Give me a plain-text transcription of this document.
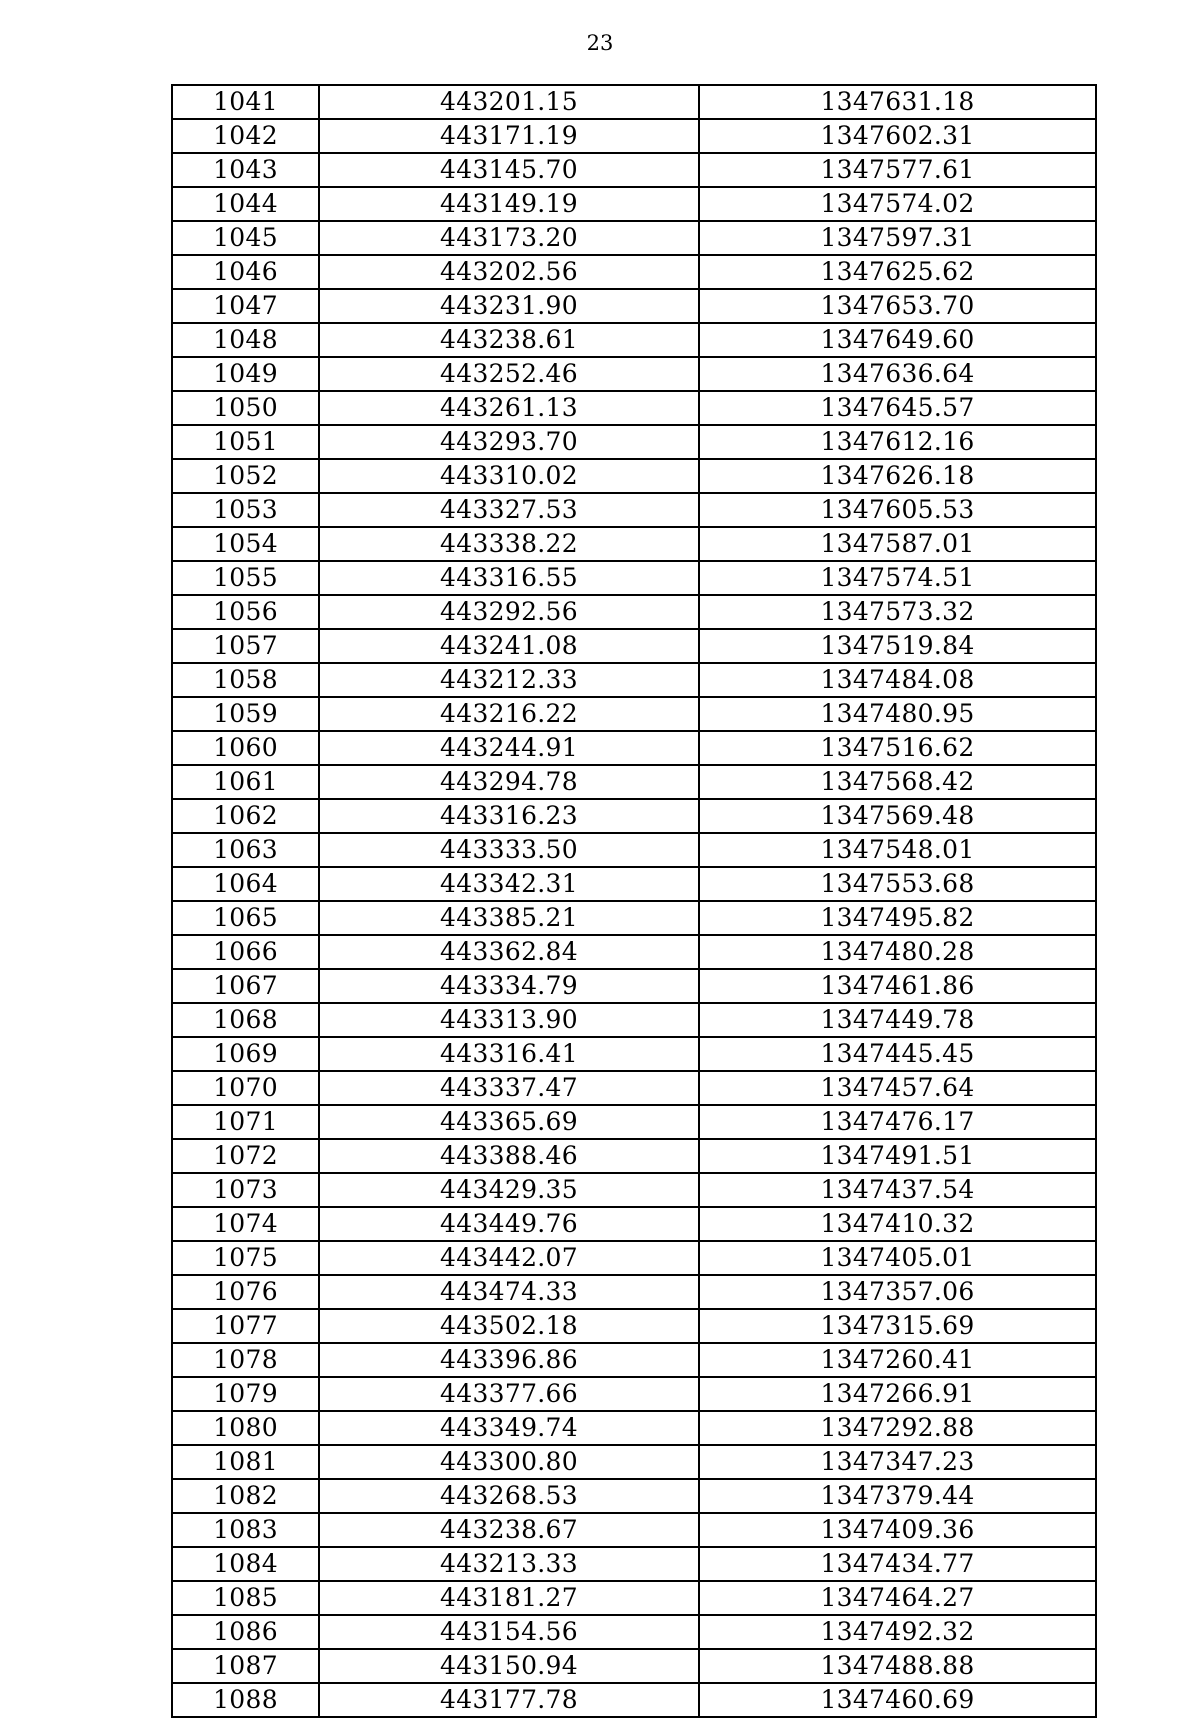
23
1041	443201.15	1347631.18
1042	443171.19	1347602.31
1043	443145.70	1347577.61
1044	443149.19	1347574.02
1045	443173.20	1347597.31
1046	443202.56	1347625.62
1047	443231.90	1347653.70
1048	443238.61	1347649.60
1049	443252.46	1347636.64
1050	443261.13	1347645.57
1051	443293.70	1347612.16
1052	443310.02	1347626.18
1053	443327.53	1347605.53
1054	443338.22	1347587.01
1055	443316.55	1347574.51
1056	443292.56	1347573.32
1057	443241.08	1347519.84
1058	443212.33	1347484.08
1059	443216.22	1347480.95
1060	443244.91	1347516.62
1061	443294.78	1347568.42
1062	443316.23	1347569.48
1063	443333.50	1347548.01
1064	443342.31	1347553.68
1065	443385.21	1347495.82
1066	443362.84	1347480.28
1067	443334.79	1347461.86
1068	443313.90	1347449.78
1069	443316.41	1347445.45
1070	443337.47	1347457.64
1071	443365.69	1347476.17
1072	443388.46	1347491.51
1073	443429.35	1347437.54
1074	443449.76	1347410.32
1075	443442.07	1347405.01
1076	443474.33	1347357.06
1077	443502.18	1347315.69
1078	443396.86	1347260.41
1079	443377.66	1347266.91
1080	443349.74	1347292.88
1081	443300.80	1347347.23
1082	443268.53	1347379.44
1083	443238.67	1347409.36
1084	443213.33	1347434.77
1085	443181.27	1347464.27
1086	443154.56	1347492.32
1087	443150.94	1347488.88
1088	443177.78	1347460.69
